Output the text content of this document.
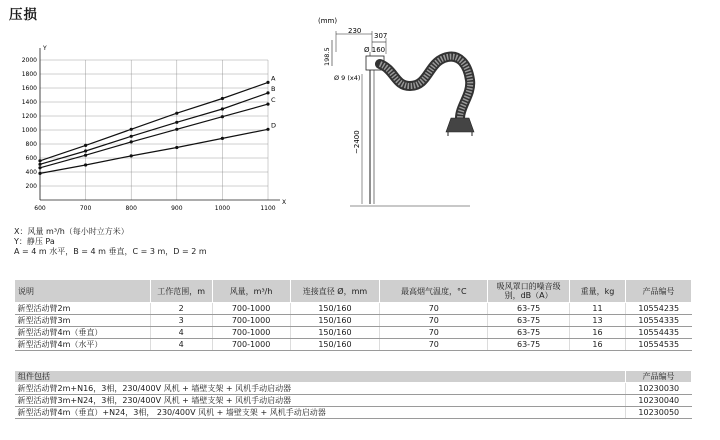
压损
600	700	800	900	1000	1100
200
400
600
800
1000
1200
1400
1600
1800
2000
X
Y
A
B
C
D
(mm)
230
307
198.5	Ø 160
Ø 9 (x4)
~2400
X：风量 m³/h（每小时立方米）
Y：静压 Pa
A = 4 m 水平，B = 4 m 垂直，C = 3 m，D = 2 m
说明	工作范围，m	风量，m³/h	连接直径 Ø，mm	最高烟气温度，°C	吸风罩口的噪音级别，dB（A）	重量，kg	产品编号
新型活动臂2m	2	700-1000	150/160	70	63-75	11	10554235
新型活动臂3m	3	700-1000	150/160	70	63-75	13	10554335
新型活动臂4m（垂直）	4	700-1000	150/160	70	63-75	16	10554435
新型活动臂4m（水平）	4	700-1000	150/160	70	63-75	16	10554535
组件包括	产品编号
新型活动臂2m+N16，3相，230/400V 风机 + 墙壁支架 + 风机手动启动器	10230030
新型活动臂3m+N24，3相，230/400V 风机 + 墙壁支架 + 风机手动启动器	10230040
新型活动臂4m（垂直）+N24，3相， 230/400V 风机 + 墙壁支架 + 风机手动启动器	10230050
